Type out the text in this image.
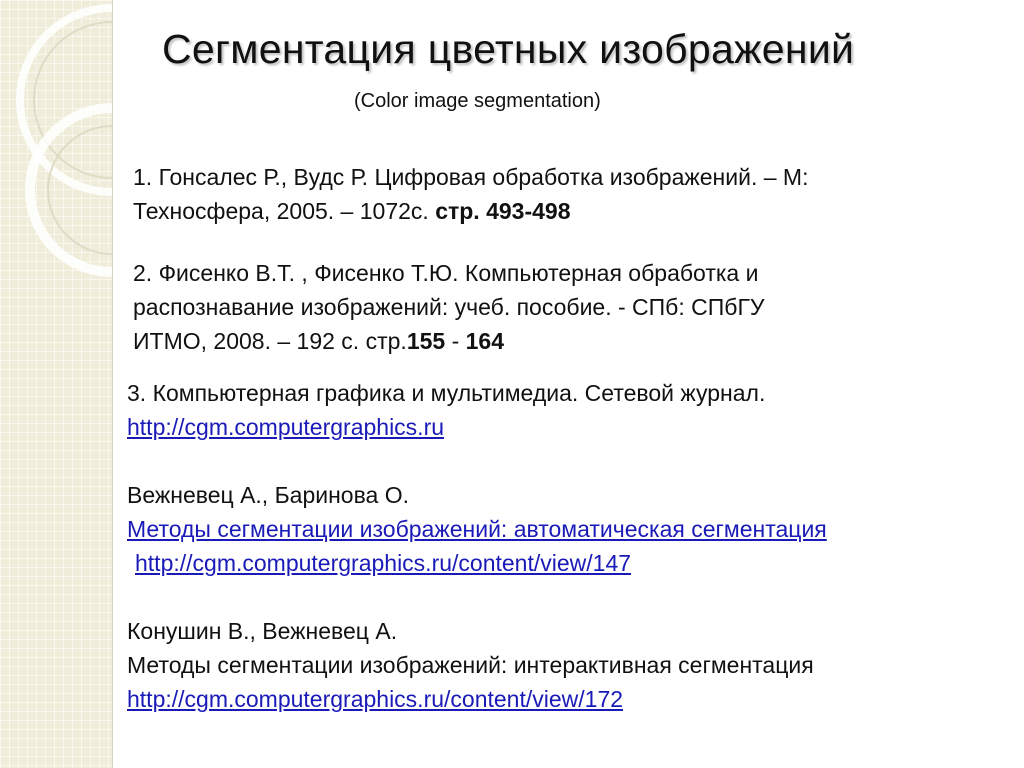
Сегментация цветных изображений
(Color image segmentation)
1. Гонсалес Р., Вудс Р. Цифровая обработка изображений. – М:
Техносфера, 2005. – 1072с. стр. 493-498
2. Фисенко В.Т. , Фисенко Т.Ю. Компьютерная обработка и
распознавание изображений: учеб. пособие. - СПб: СПбГУ
ИТМО, 2008. – 192 с. стр.155 - 164
3. Компьютерная графика и мультимедиа. Сетевой журнал.
http://cgm.computergraphics.ru
Вежневец А., Баринова О.
Методы сегментации изображений: автоматическая сегментация
http://cgm.computergraphics.ru/content/view/147
Конушин В., Вежневец А.
Методы сегментации изображений: интерактивная сегментация
http://cgm.computergraphics.ru/content/view/172
